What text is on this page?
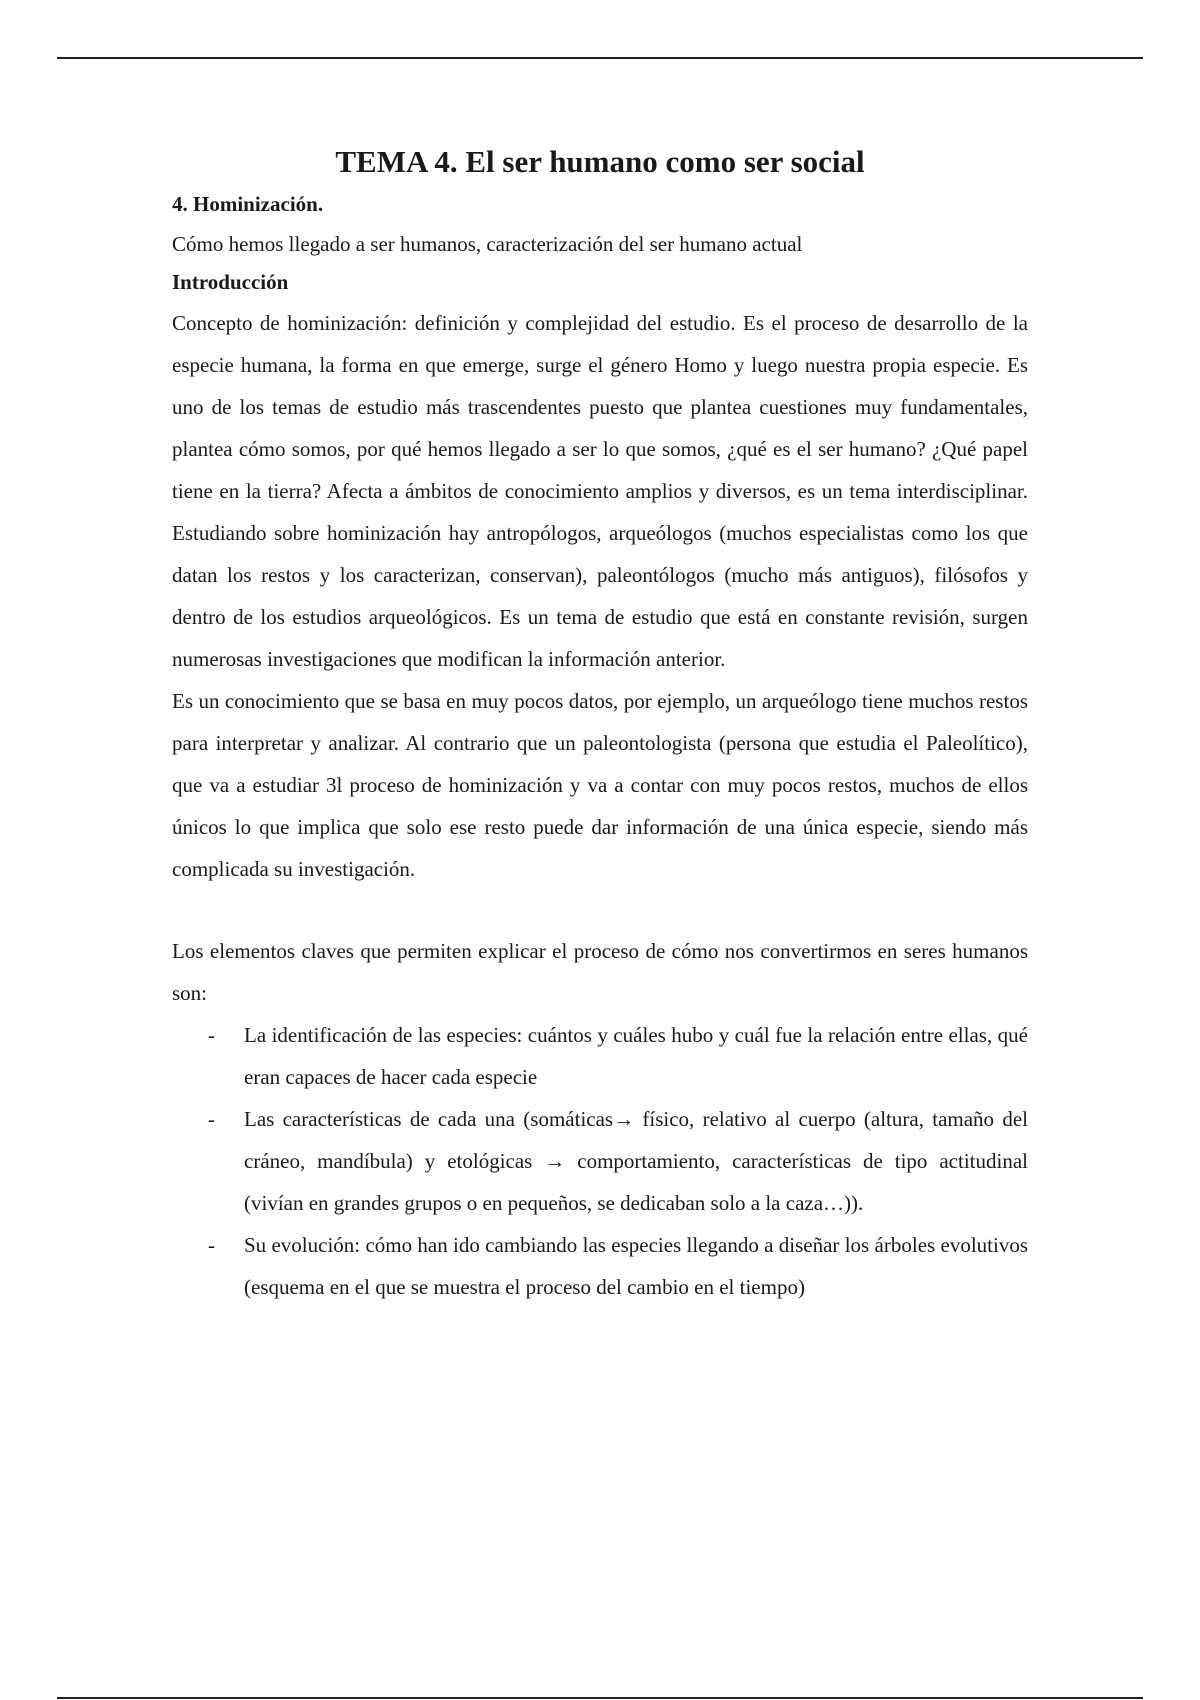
TEMA 4. El ser humano como ser social
4. Hominización.
Cómo hemos llegado a ser humanos, caracterización del ser humano actual
Introducción

Concepto de hominización: definición y complejidad del estudio. Es el proceso de desarrollo de la especie humana, la forma en que emerge, surge el género Homo y luego nuestra propia especie. Es uno de los temas de estudio más trascendentes puesto que plantea cuestiones muy fundamentales, plantea cómo somos, por qué hemos llegado a ser lo que somos, ¿qué es el ser humano? ¿Qué papel tiene en la tierra? Afecta a ámbitos de conocimiento amplios y diversos, es un tema interdisciplinar. Estudiando sobre hominización hay antropólogos, arqueólogos (muchos especialistas como los que datan los restos y los caracterizan, conservan), paleontólogos (mucho más antiguos), filósofos y dentro de los estudios arqueológicos. Es un tema de estudio que está en constante revisión, surgen numerosas investigaciones que modifican la información anterior.

Es un conocimiento que se basa en muy pocos datos, por ejemplo, un arqueólogo tiene muchos restos para interpretar y analizar. Al contrario que un paleontologista (persona que estudia el Paleolítico), que va a estudiar 3l proceso de hominización y va a contar con muy pocos restos, muchos de ellos únicos lo que implica que solo ese resto puede dar información de una única especie, siendo más complicada su investigación.

Los elementos claves que permiten explicar el proceso de cómo nos convertirmos en seres humanos son:

- La identificación de las especies: cuántos y cuáles hubo y cuál fue la relación entre ellas, qué eran capaces de hacer cada especie
- Las características de cada una (somáticas→ físico, relativo al cuerpo (altura, tamaño del cráneo, mandíbula) y etológicas → comportamiento, características de tipo actitudinal (vivían en grandes grupos o en pequeños, se dedicaban solo a la caza…)).
- Su evolución: cómo han ido cambiando las especies llegando a diseñar los árboles evolutivos (esquema en el que se muestra el proceso del cambio en el tiempo)
